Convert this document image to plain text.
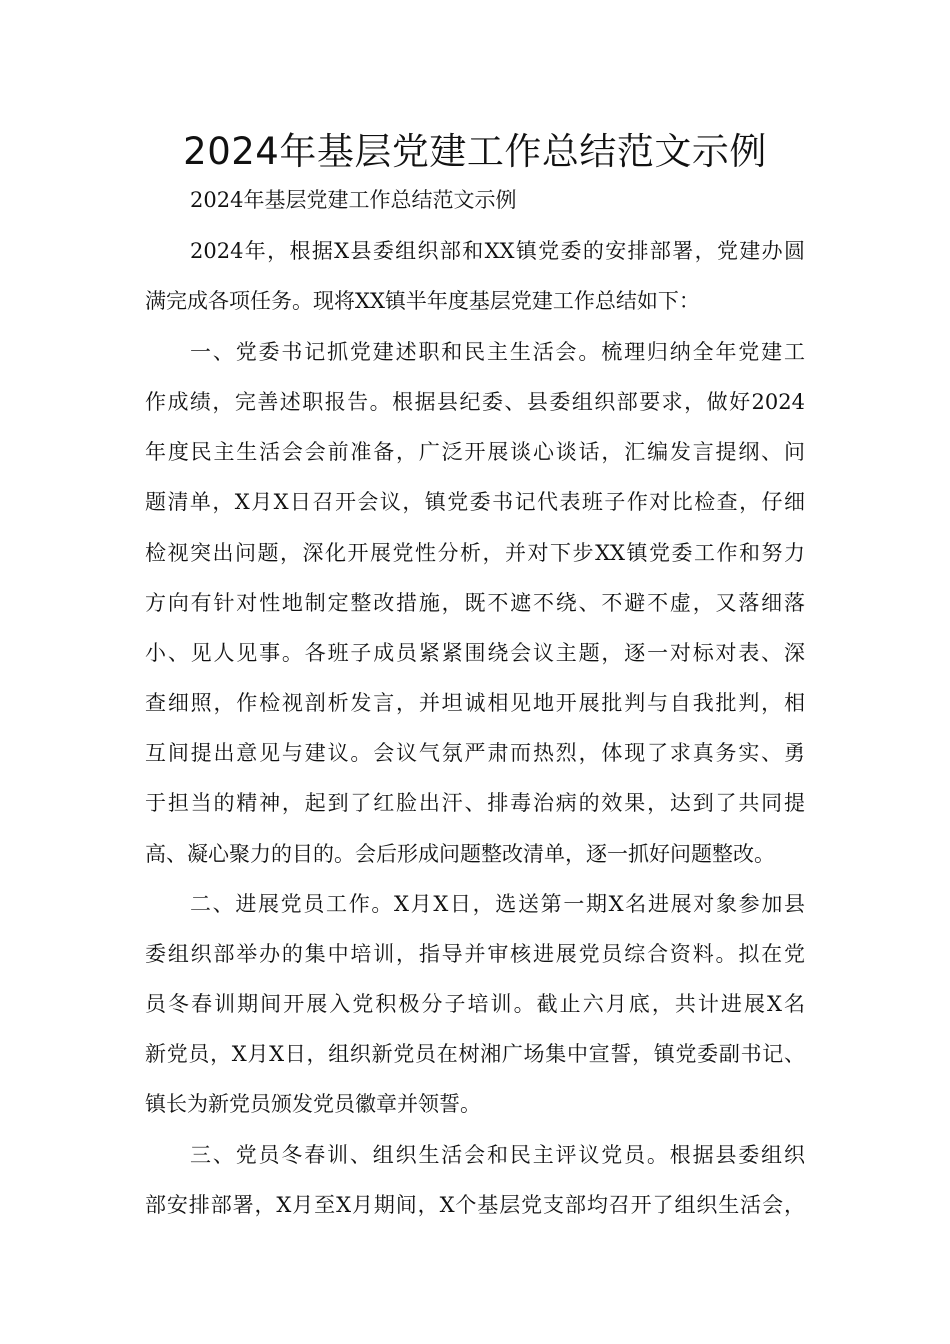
2024年基层党建工作总结范文示例

2024年基层党建工作总结范文示例

2024年，根据X县委组织部和XX镇党委的安排部署，党建办圆

满完成各项任务。现将XX镇半年度基层党建工作总结如下：

一、党委书记抓党建述职和民主生活会。梳理归纳全年党建工

作成绩，完善述职报告。根据县纪委、县委组织部要求，做好2024

年度民主生活会会前准备，广泛开展谈心谈话，汇编发言提纲、问

题清单，X月X日召开会议，镇党委书记代表班子作对比检查，仔细

检视突出问题，深化开展党性分析，并对下步XX镇党委工作和努力

方向有针对性地制定整改措施，既不遮不绕、不避不虚，又落细落

小、见人见事。各班子成员紧紧围绕会议主题，逐一对标对表、深

查细照，作检视剖析发言，并坦诚相见地开展批判与自我批判，相

互间提出意见与建议。会议气氛严肃而热烈，体现了求真务实、勇

于担当的精神，起到了红脸出汗、排毒治病的效果，达到了共同提

高、凝心聚力的目的。会后形成问题整改清单，逐一抓好问题整改。

二、进展党员工作。X月X日，选送第一期X名进展对象参加县

委组织部举办的集中培训，指导并审核进展党员综合资料。拟在党

员冬春训期间开展入党积极分子培训。截止六月底，共计进展X名

新党员，X月X日，组织新党员在树湘广场集中宣誓，镇党委副书记、

镇长为新党员颁发党员徽章并领誓。

三、党员冬春训、组织生活会和民主评议党员。根据县委组织

部安排部署，X月至X月期间，X个基层党支部均召开了组织生活会，
